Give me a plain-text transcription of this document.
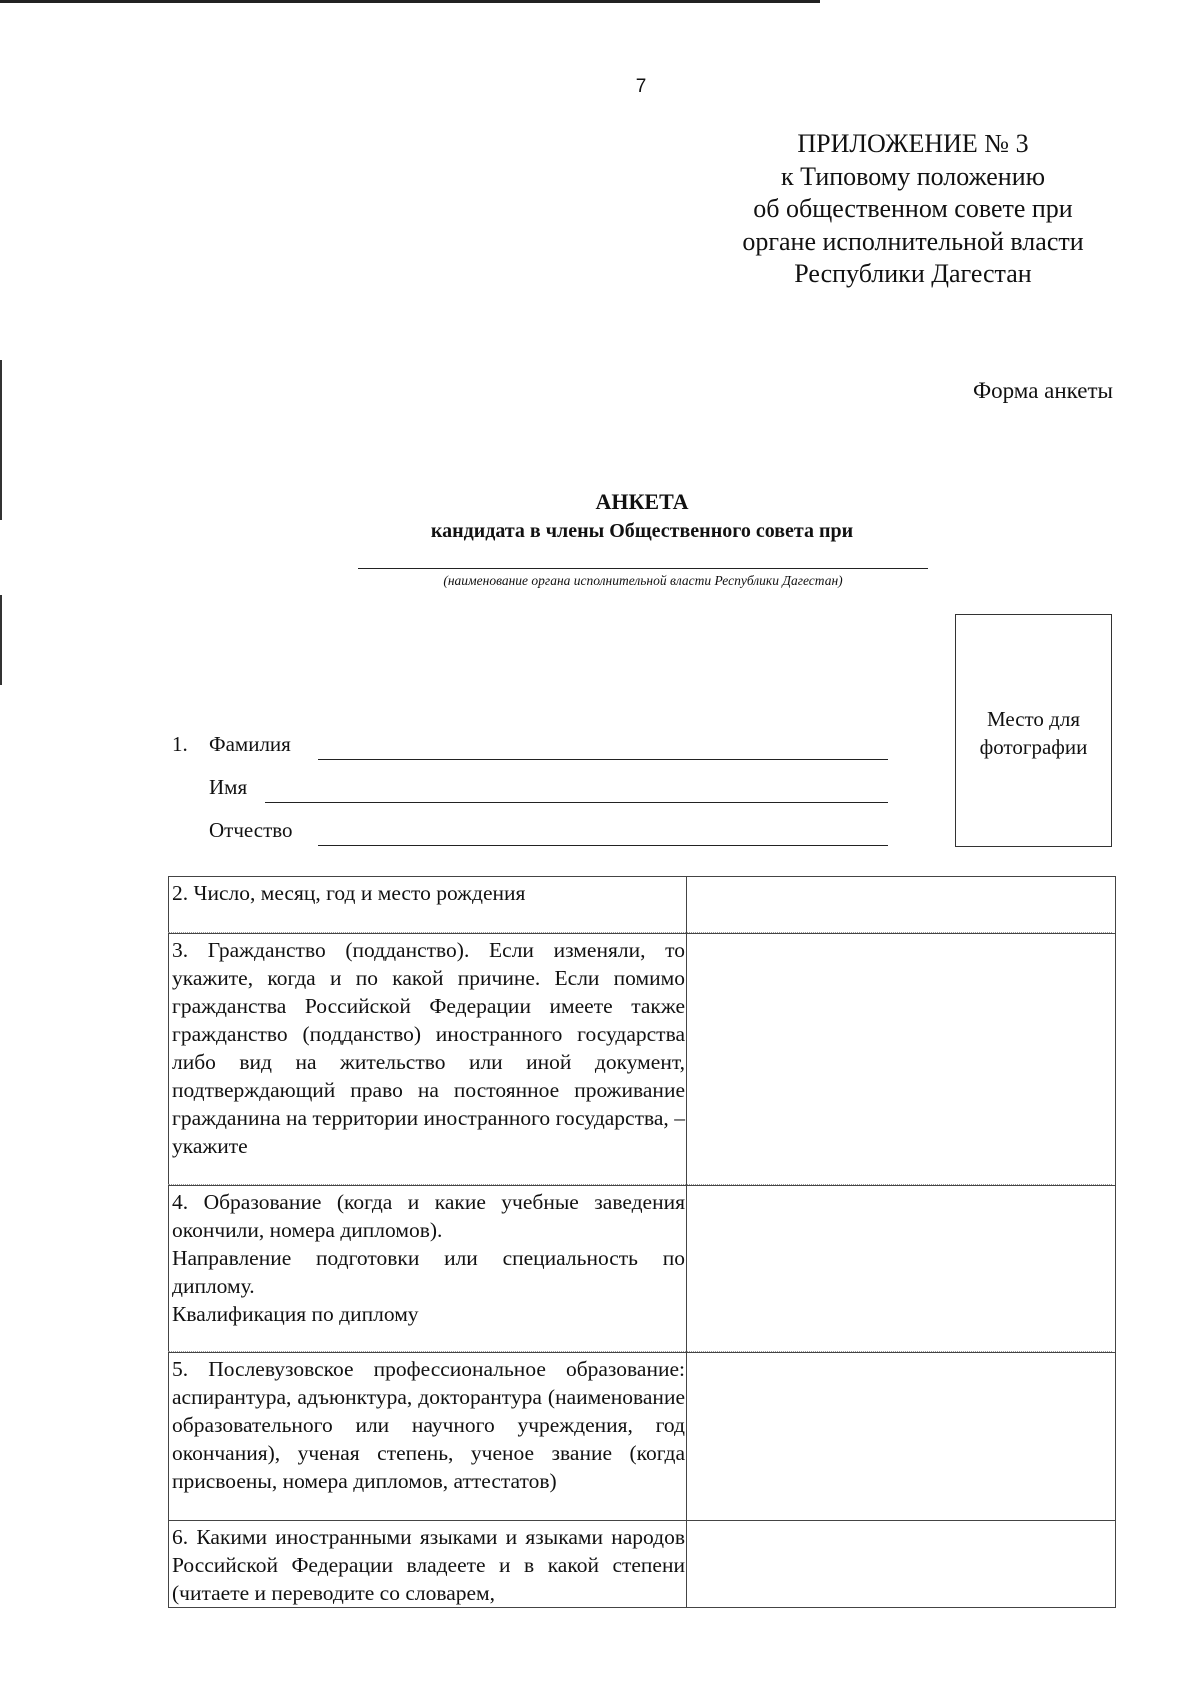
7
ПРИЛОЖЕНИЕ № 3
к Типовому положению
об общественном совете при
органе исполнительной власти
Республики Дагестан
Форма анкеты
АНКЕТА
кандидата в члены Общественного совета при
(наименование органа исполнительной власти Республики Дагестан)
Место для
фотографии
1. Фамилия
Имя
Отчество
2. Число, месяц, год и место рождения	
3. Гражданство (подданство). Если изменяли, то укажите, когда и по какой причине. Если помимо гражданства Российской Федерации имеете также гражданство (подданство) иностранного государства либо вид на жительство или иной документ, подтверждающий право на постоянное проживание гражданина на территории иностранного государства, – укажите	

4. Образование (когда и какие учебные заведения окончили, номера дипломов).
Направление подготовки или специальность по диплому.
Квалификация по диплому	

5. Послевузовское профессиональное образование: аспирантура, адъюнктура, докторантура (наименование образовательного или научного учреждения, год окончания), ученая степень, ученое звание (когда присвоены, номера дипломов, аттестатов)	
6. Какими иностранными языками и языками народов Российской Федерации владеете и в какой степени (читаете и переводите со словарем,	
